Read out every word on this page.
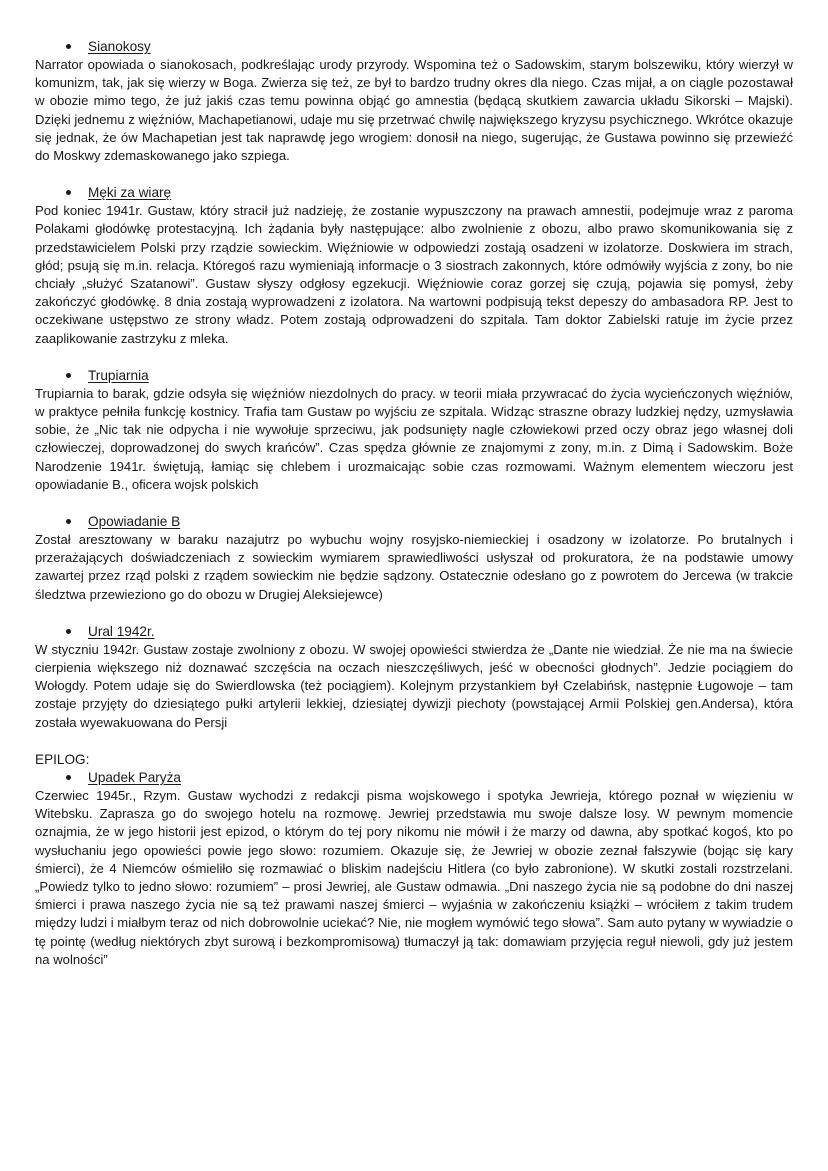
Sianokosy

Narrator opowiada o sianokosach, podkreślając urody przyrody. Wspomina też o Sadowskim, starym bolszewiku, który wierzył w komunizm, tak, jak się wierzy w Boga. Zwierza się też, ze był to bardzo trudny okres dla niego. Czas mijał, a on ciągle pozostawał w obozie mimo tego, że już jakiś czas temu powinna objąć go amnestia (będącą skutkiem zawarcia układu Sikorski – Majski). Dzięki jednemu z więźniów, Machapetianowi, udaje mu się przetrwać chwilę największego kryzysu psychicznego. Wkrótce okazuje się jednak, że ów Machapetian jest tak naprawdę jego wrogiem: donosił na niego, sugerując, że Gustawa powinno się przewieźć do Moskwy zdemaskowanego jako szpiega.

Męki za wiarę

Pod koniec 1941r. Gustaw, który stracił już nadzieję, że zostanie wypuszczony na prawach amnestii, podejmuje wraz z paroma Polakami głodówkę protestacyjną. Ich żądania były następujące: albo zwolnienie z obozu, albo prawo skomunikowania się z przedstawicielem Polski przy rządzie sowieckim. Więźniowie w odpowiedzi zostają osadzeni w izolatorze. Doskwiera im strach, głód; psują się m.in. relacja. Któregoś razu wymieniają informacje o 3 siostrach zakonnych, które odmówiły wyjścia z zony, bo nie chciały „służyć Szatanowi”. Gustaw słyszy odgłosy egzekucji. Więźniowie coraz gorzej się czują, pojawia się pomysł, żeby zakończyć głodówkę. 8 dnia zostają wyprowadzeni z izolatora. Na wartowni podpisują tekst depeszy do ambasadora RP. Jest to oczekiwane ustępstwo ze strony władz. Potem zostają odprowadzeni do szpitala. Tam doktor Zabielski ratuje im życie przez zaaplikowanie zastrzyku z mleka.

Trupiarnia

Trupiarnia to barak, gdzie odsyła się więźniów niezdolnych do pracy. w teorii miała przywracać do życia wycieńczonych więźniów, w praktyce pełniła funkcję kostnicy. Trafia tam Gustaw po wyjściu ze szpitala. Widząc straszne obrazy ludzkiej nędzy, uzmysławia sobie, że „Nic tak nie odpycha i nie wywołuje sprzeciwu, jak podsunięty nagle człowiekowi przed oczy obraz jego własnej doli człowieczej, doprowadzonej do swych krańców”. Czas spędza głównie ze znajomymi z zony, m.in. z Dimą i Sadowskim. Boże Narodzenie 1941r. świętują, łamiąc się chlebem i urozmaicając sobie czas rozmowami. Ważnym elementem wieczoru jest opowiadanie B., oficera wojsk polskich

Opowiadanie B

Został aresztowany w baraku nazajutrz po wybuchu wojny rosyjsko-niemieckiej i osadzony w izolatorze. Po brutalnych i przerażających doświadczeniach z sowieckim wymiarem sprawiedliwości usłyszał od prokuratora, że na podstawie umowy zawartej przez rząd polski z rządem sowieckim nie będzie sądzony. Ostatecznie odesłano go z powrotem do Jercewa (w trakcie śledztwa przewieziono go do obozu w Drugiej Aleksiejewce)

Ural 1942r.

W styczniu 1942r. Gustaw zostaje zwolniony z obozu. W swojej opowieści stwierdza że „Dante nie wiedział. Że nie ma na świecie cierpienia większego niż doznawać szczęścia na oczach nieszczęśliwych, jeść w obecności głodnych”. Jedzie pociągiem do Wołogdy. Potem udaje się do Swierdlowska (też pociągiem). Kolejnym przystankiem był Czelabińsk, następnie Ługowoje – tam zostaje przyjęty do dziesiątego pułki artylerii lekkiej, dziesiątej dywizji piechoty (powstającej Armii Polskiej gen.Andersa), która została wyewakuowana do Persji

EPILOG:
Upadek Paryża

Czerwiec 1945r., Rzym. Gustaw wychodzi z redakcji pisma wojskowego i spotyka Jewrieja, którego poznał w więzieniu w Witebsku. Zaprasza go do swojego hotelu na rozmowę. Jewriej przedstawia mu swoje dalsze losy. W pewnym momencie oznajmia, że w jego historii jest epizod, o którym do tej pory nikomu nie mówił i że marzy od dawna, aby spotkać kogoś, kto po wysłuchaniu jego opowieści powie jego słowo: rozumiem. Okazuje się, że Jewriej w obozie zeznał fałszywie (bojąc się kary śmierci), że 4 Niemców ośmieliło się rozmawiać o bliskim nadejściu Hitlera (co było zabronione). W skutki zostali rozstrzelani. „Powiedz tylko to jedno słowo: rozumiem” – prosi Jewriej, ale Gustaw odmawia. „Dni naszego życia nie są podobne do dni naszej śmierci i prawa naszego życia nie są też prawami naszej śmierci – wyjaśnia w zakończeniu książki – wróciłem z takim trudem między ludzi i miałbym teraz od nich dobrowolnie uciekać? Nie, nie mogłem wymówić tego słowa”. Sam auto pytany w wywiadzie o tę pointę (według niektórych zbyt surową i bezkompromisową) tłumaczył ją tak: domawiam przyjęcia reguł niewoli, gdy już jestem na wolności”
